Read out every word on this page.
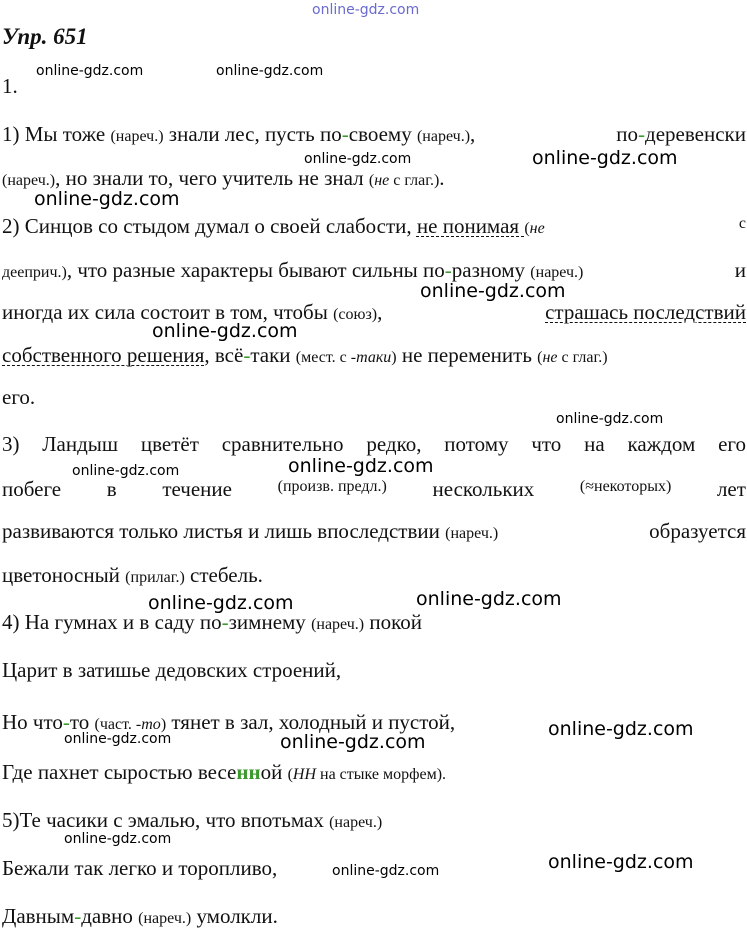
online-gdz.com
Упр. 651
1.
1) Мы тоже (нареч.) знали лес, пусть по-своему (нареч.),	по-деревенски
(нареч.), но знали то, чего учитель не знал (не с глаг.).
2) Синцов со стыдом думал о своей слабости, не понимая (не	с
дееприч.), что разные характеры бывают сильны по-разному (нареч.)	и
иногда их сила состоит в том, чтобы (союз),	страшась последствий
собственного решения, всё-таки (мест. с -таки) не переменить (не с глаг.)
его.
3) Ландыш цветёт сравнительно редко, потому что на каждом его
побеге в течение	(произв. предл.) нескольких	(≈некоторых) лет
развиваются только листья и лишь впоследствии (нареч.)	образуется
цветоносный (прилаг.) стебель.
4) На гумнах и в саду по-зимнему (нареч.) покой
Царит в затишье дедовских строений,
Но что-то (част. -то) тянет в зал, холодный и пустой,
Где пахнет сыростью весенной (НН на стыке морфем).
5)Те часики с эмалью, что впотьмах (нареч.)
Бежали так легко и торопливо,
Давным-давно (нареч.) умолкли.
online-gdz.com	online-gdz.com
online-gdz.com	online-gdz.com
online-gdz.com
online-gdz.com
online-gdz.com
online-gdz.com
online-gdz.com	online-gdz.com
online-gdz.com	online-gdz.com
online-gdz.com
online-gdz.com	online-gdz.com
online-gdz.com
online-gdz.com
online-gdz.com
